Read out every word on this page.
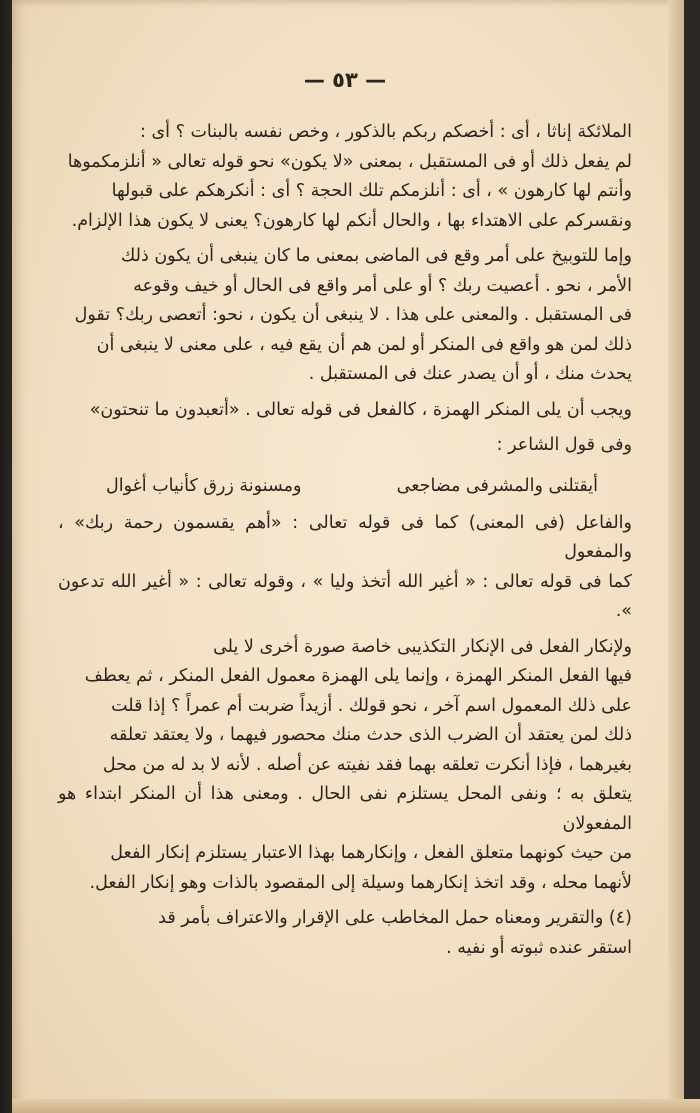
— ٥٣ —

الملائكة إناثا ، أى : أخصكم ربكم بالذكور ، وخص نفسه بالبنات ؟ أى :

لم يفعل ذلك أو فى المستقبل ، بمعنى «لا يكون» نحو قوله تعالى « أنلزمكموها

وأنتم لها كارهون » ، أى : أنلزمكم تلك الحجة ؟ أى : أنكرهكم على قبولها

ونقسركم على الاهتداء بها ، والحال أنكم لها كارهون؟ يعنى لا يكون هذا الإلزام.

وإما للتوبيخ على أمر وقع فى الماضى بمعنى ما كان ينبغى أن يكون ذلك

الأمر ، نحو . أعصيت ربك ؟ أو على أمر واقع فى الحال أو خيف وقوعه

فى المستقبل . والمعنى على هذا . لا ينبغى أن يكون ، نحو: أتعصى ربك؟ تقول

ذلك لمن هو واقع فى المنكر أو لمن هم أن يقع فيه ، على معنى لا ينبغى أن

يحدث منك ، أو أن يصدر عنك فى المستقبل .

ويجب أن يلى المنكر الهمزة ، كالفعل فى قوله تعالى . «أتعبدون ما تنحتون»

وفى قول الشاعر :

أيقتلنى والمشرفى مضاجعى
ومسنونة زرق كأنياب أغوال

والفاعل (فى المعنى) كما فى قوله تعالى : «أهم يقسمون رحمة ربك» ، والمفعول

كما فى قوله تعالى : « أغير الله أتخذ وليا » ، وقوله تعالى : « أغير الله تدعون ».

ولإنكار الفعل فى الإنكار التكذيبى خاصة صورة أخرى لا يلى

فيها الفعل المنكر الهمزة ، وإنما يلى الهمزة معمول الفعل المنكر ، ثم يعطف

على ذلك المعمول اسم آخر ، نحو قولك . أزيداً ضربت أم عمراً ؟ إذا قلت

ذلك لمن يعتقد أن الضرب الذى حدث منك محصور فيهما ، ولا يعتقد تعلقه

بغيرهما ، فإذا أنكرت تعلقه بهما فقد نفيته عن أصله . لأنه لا بد له من محل

يتعلق به ؛ ونفى المحل يستلزم نفى الحال . ومعنى هذا أن المنكر ابتداء هو المفعولان

من حيث كونهما متعلق الفعل ، وإنكارهما بهذا الاعتبار يستلزم إنكار الفعل

لأنهما محله ، وقد اتخذ إنكارهما وسيلة إلى المقصود بالذات وهو إنكار الفعل.

(٤) والتقرير ومعناه حمل المخاطب على الإقرار والاعتراف بأمر قد

استقر عنده ثبوته أو نفيه .
